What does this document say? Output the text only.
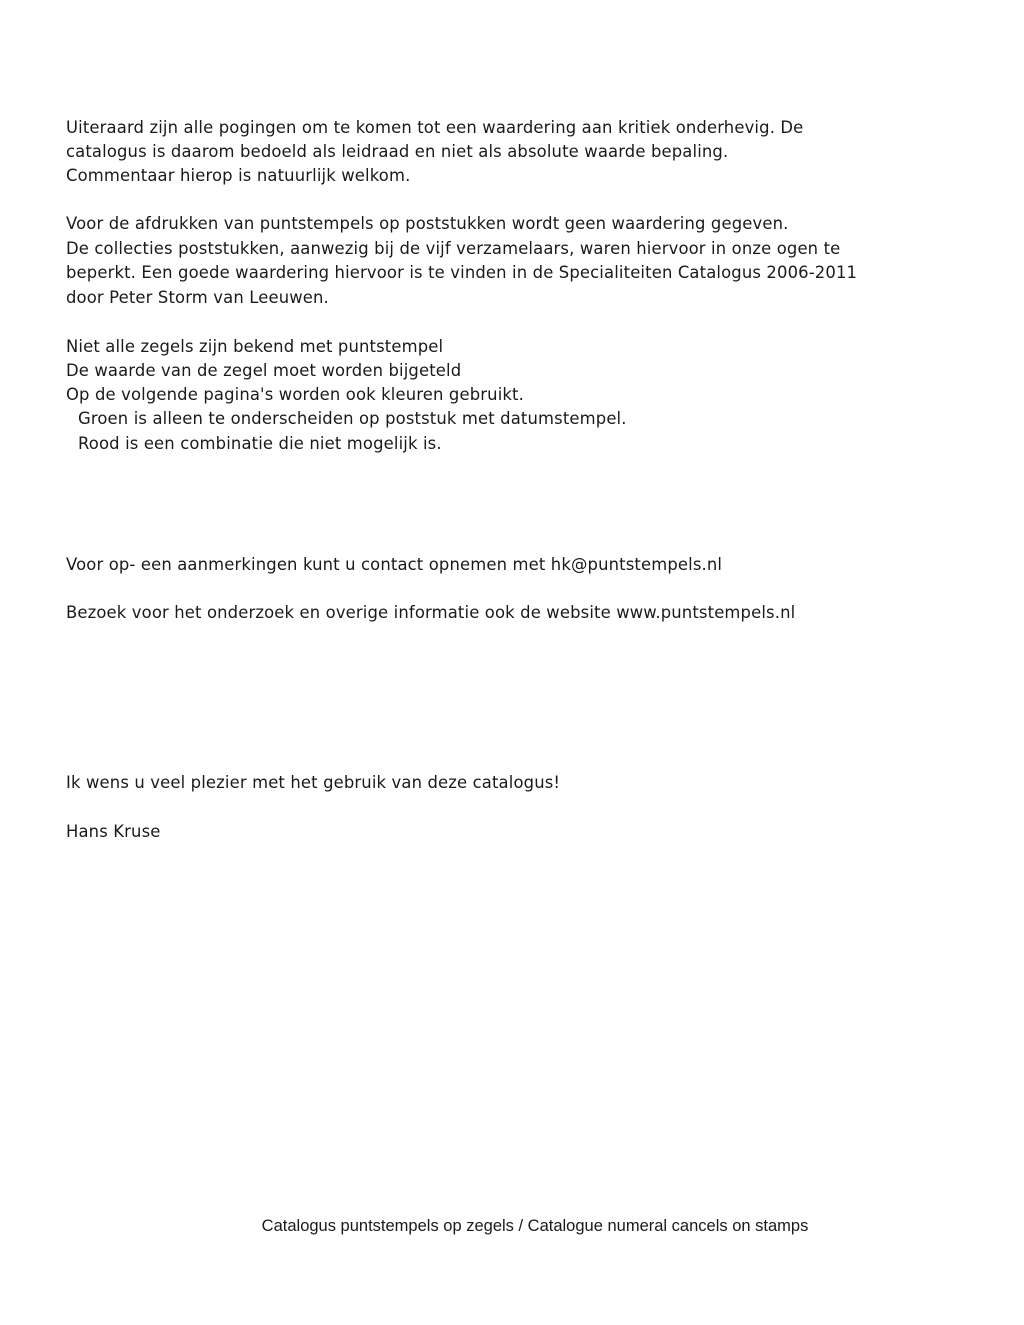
Uiteraard zijn alle pogingen om te komen tot een waardering aan kritiek onderhevig. De
catalogus is daarom bedoeld als leidraad en niet als absolute waarde bepaling.
Commentaar hierop is natuurlijk welkom.
Voor de afdrukken van puntstempels op poststukken wordt geen waardering gegeven.
De collecties poststukken, aanwezig bij de vijf verzamelaars, waren hiervoor in onze ogen te
beperkt. Een goede waardering hiervoor is te vinden in de Specialiteiten Catalogus 2006-2011
door Peter Storm van Leeuwen.
Niet alle zegels zijn bekend met puntstempel
De waarde van de zegel moet worden bijgeteld
Op de volgende pagina's worden ook kleuren gebruikt.
Groen is alleen te onderscheiden op poststuk met datumstempel.
Rood is een combinatie die niet mogelijk is.
Voor op- een aanmerkingen kunt u contact opnemen met hk@puntstempels.nl
Bezoek voor het onderzoek en overige informatie ook de website www.puntstempels.nl
Ik wens u veel plezier met het gebruik van deze catalogus!
Hans Kruse
Catalogus puntstempels op zegels / Catalogue numeral cancels on stamps
